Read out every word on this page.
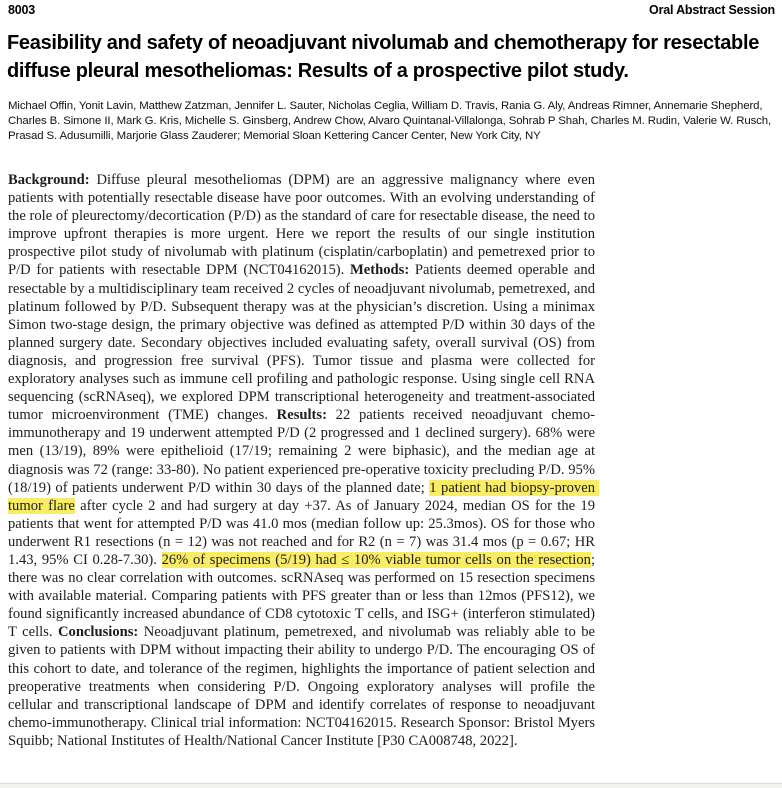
8003	Oral Abstract Session
Feasibility and safety of neoadjuvant nivolumab and chemotherapy for resectable diffuse pleural mesotheliomas: Results of a prospective pilot study.
Michael Offin, Yonit Lavin, Matthew Zatzman, Jennifer L. Sauter, Nicholas Ceglia, William D. Travis, Rania G. Aly, Andreas Rimner, Annemarie Shepherd, Charles B. Simone II, Mark G. Kris, Michelle S. Ginsberg, Andrew Chow, Alvaro Quintanal-Villalonga, Sohrab P Shah, Charles M. Rudin, Valerie W. Rusch, Prasad S. Adusumilli, Marjorie Glass Zauderer; Memorial Sloan Kettering Cancer Center, New York City, NY

Background: Diffuse pleural mesotheliomas (DPM) are an aggressive malignancy where even patients with potentially resectable disease have poor outcomes. With an evolving understanding of the role of pleurectomy/decortication (P/D) as the standard of care for resectable disease, the need to improve upfront therapies is more urgent. Here we report the results of our single institution prospective pilot study of nivolumab with platinum (cisplatin/carboplatin) and pemetrexed prior to P/D for patients with resectable DPM (NCT04162015). Methods: Patients deemed operable and resectable by a multidisciplinary team received 2 cycles of neoadjuvant nivolumab, pemetrexed, and platinum followed by P/D. Subsequent therapy was at the physician’s discretion. Using a minimax Simon two-stage design, the primary objective was defined as attempted P/D within 30 days of the planned surgery date. Secondary objectives included evaluating safety, overall survival (OS) from diagnosis, and progression free survival (PFS). Tumor tissue and plasma were collected for exploratory analyses such as immune cell profiling and pathologic response. Using single cell RNA sequencing (scRNAseq), we explored DPM transcriptional heterogeneity and treatment-associated tumor microenvironment (TME) changes. Results: 22 patients received neoadjuvant chemo-immunotherapy and 19 underwent attempted P/D (2 progressed and 1 declined surgery). 68% were men (13/19), 89% were epithelioid (17/19; remaining 2 were biphasic), and the median age at diagnosis was 72 (range: 33-80). No patient experienced pre-operative toxicity precluding P/D. 95% (18/19) of patients underwent P/D within 30 days of the planned date; 1 patient had biopsy-proven tumor flare after cycle 2 and had surgery at day +37. As of January 2024, median OS for the 19 patients that went for attempted P/D was 41.0 mos (median follow up: 25.3mos). OS for those who underwent R1 resections (n = 12) was not reached and for R2 (n = 7) was 31.4 mos (p = 0.67; HR 1.43, 95% CI 0.28-7.30). 26% of specimens (5/19) had ≤ 10% viable tumor cells on the resection; there was no clear correlation with outcomes. scRNAseq was performed on 15 resection specimens with available material. Comparing patients with PFS greater than or less than 12mos (PFS12), we found significantly increased abundance of CD8 cytotoxic T cells, and ISG+ (interferon stimulated) T cells. Conclusions: Neoadjuvant platinum, pemetrexed, and nivolumab was reliably able to be given to patients with DPM without impacting their ability to undergo P/D. The encouraging OS of this cohort to date, and tolerance of the regimen, highlights the importance of patient selection and preoperative treatments when considering P/D. Ongoing exploratory analyses will profile the cellular and transcriptional landscape of DPM and identify correlates of response to neoadjuvant chemo-immunotherapy. Clinical trial information: NCT04162015. Research Sponsor: Bristol Myers Squibb; National Institutes of Health/National Cancer Institute [P30 CA008748, 2022].
